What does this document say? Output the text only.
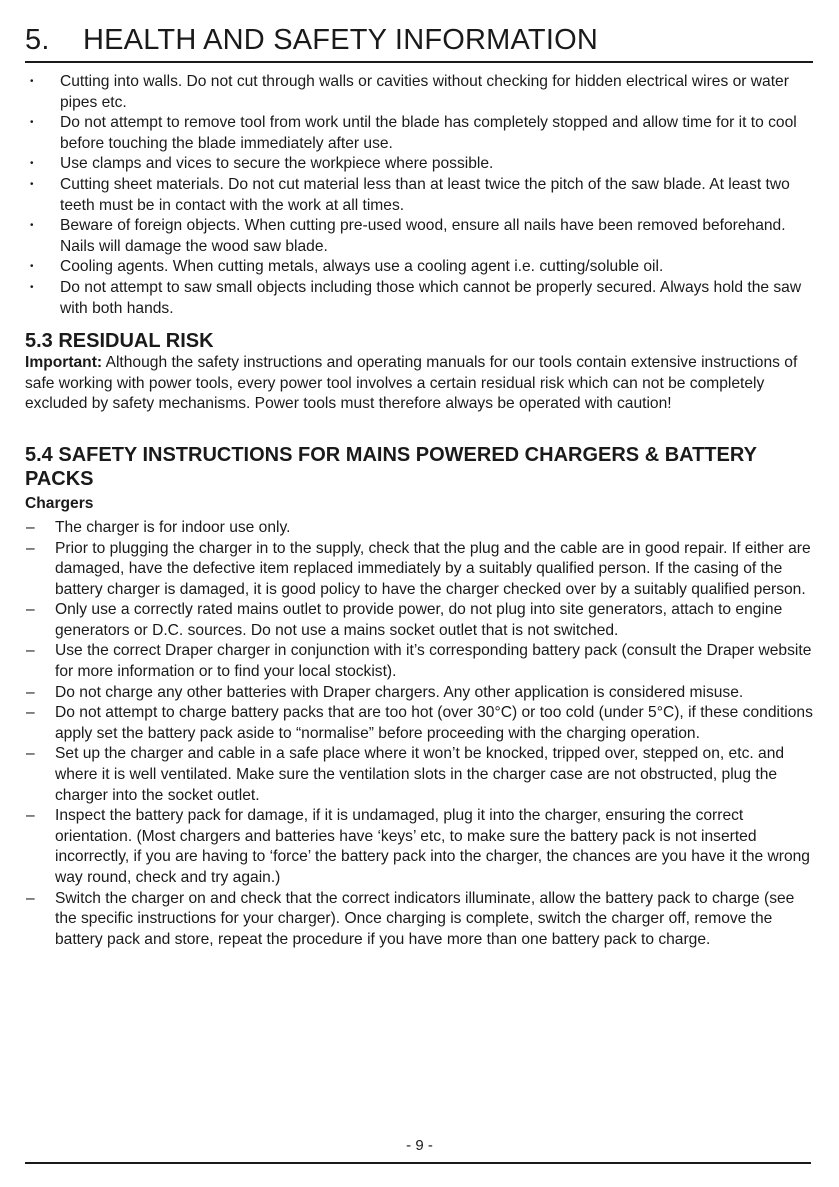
5. HEALTH AND SAFETY INFORMATION
• Cutting into walls. Do not cut through walls or cavities without checking for hidden electrical wires or water pipes etc.
• Do not attempt to remove tool from work until the blade has completely stopped and allow time for it to cool before touching the blade immediately after use.
• Use clamps and vices to secure the workpiece where possible.
• Cutting sheet materials. Do not cut material less than at least twice the pitch of the saw blade. At least two teeth must be in contact with the work at all times.
• Beware of foreign objects. When cutting pre-used wood, ensure all nails have been removed beforehand. Nails will damage the wood saw blade.
• Cooling agents. When cutting metals, always use a cooling agent i.e. cutting/soluble oil.
• Do not attempt to saw small objects including those which cannot be properly secured. Always hold the saw with both hands.
5.3 RESIDUAL RISK

Important: Although the safety instructions and operating manuals for our tools contain extensive instructions of safe working with power tools, every power tool involves a certain residual risk which can not be completely excluded by safety mechanisms. Power tools must therefore always be operated with caution!

5.4 SAFETY INSTRUCTIONS FOR MAINS POWERED CHARGERS & BATTERY PACKS
Chargers
– The charger is for indoor use only.
– Prior to plugging the charger in to the supply, check that the plug and the cable are in good repair. If either are damaged, have the defective item replaced immediately by a suitably qualified person. If the casing of the battery charger is damaged, it is good policy to have the charger checked over by a suitably qualified person.
– Only use a correctly rated mains outlet to provide power, do not plug into site generators, attach to engine generators or D.C. sources. Do not use a mains socket outlet that is not switched.
– Use the correct Draper charger in conjunction with it’s corresponding battery pack (consult the Draper website for more information or to find your local stockist).
– Do not charge any other batteries with Draper chargers. Any other application is considered misuse.
– Do not attempt to charge battery packs that are too hot (over 30°C) or too cold (under 5°C), if these conditions apply set the battery pack aside to “normalise” before proceeding with the charging operation.
– Set up the charger and cable in a safe place where it won’t be knocked, tripped over, stepped on, etc. and where it is well ventilated. Make sure the ventilation slots in the charger case are not obstructed, plug the charger into the socket outlet.
– Inspect the battery pack for damage, if it is undamaged, plug it into the charger, ensuring the correct orientation. (Most chargers and batteries have ‘keys’ etc, to make sure the battery pack is not inserted incorrectly, if you are having to ‘force’ the battery pack into the charger, the chances are you have it the wrong way round, check and try again.)
– Switch the charger on and check that the correct indicators illuminate, allow the battery pack to charge (see the specific instructions for your charger). Once charging is complete, switch the charger off, remove the battery pack and store, repeat the procedure if you have more than one battery pack to charge.
- 9 -
